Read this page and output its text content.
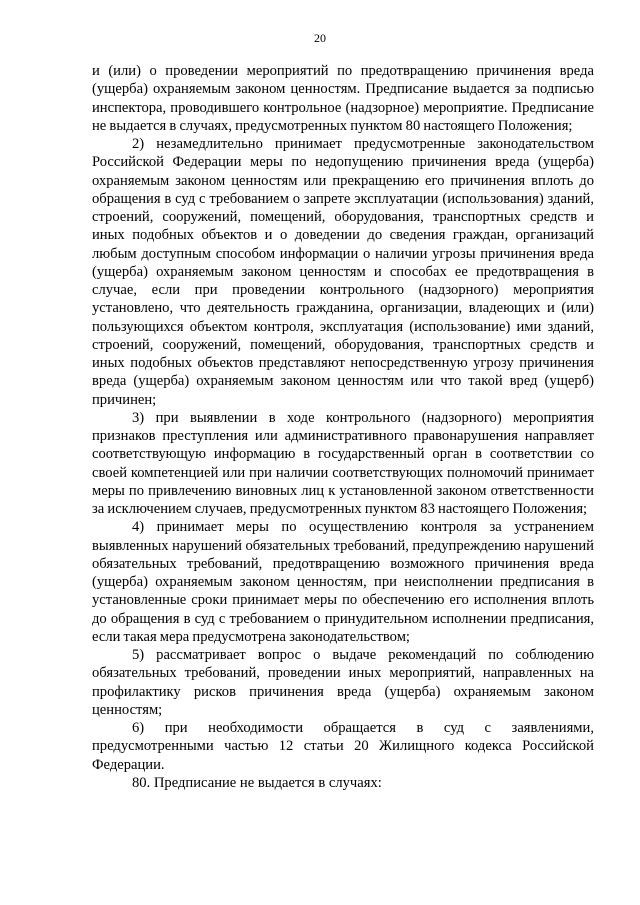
20

и (или) о проведении мероприятий по предотвращению причинения вреда (ущерба) охраняемым законом ценностям. Предписание выдается за подписью инспектора, проводившего контрольное (надзорное) мероприятие. Предписание не выдается в случаях, предусмотренных пунктом 80 настоящего Положения;

2) незамедлительно принимает предусмотренные законодательством Российской Федерации меры по недопущению причинения вреда (ущерба) охраняемым законом ценностям или прекращению его причинения вплоть до обращения в суд с требованием о запрете эксплуатации (использования) зданий, строений, сооружений, помещений, оборудования, транспортных средств и иных подобных объектов и о доведении до сведения граждан, организаций любым доступным способом информации о наличии угрозы причинения вреда (ущерба) охраняемым законом ценностям и способах ее предотвращения в случае, если при проведении контрольного (надзорного) мероприятия установлено, что деятельность гражданина, организации, владеющих и (или) пользующихся объектом контроля, эксплуатация (использование) ими зданий, строений, сооружений, помещений, оборудования, транспортных средств и иных подобных объектов представляют непосредственную угрозу причинения вреда (ущерба) охраняемым законом ценностям или что такой вред (ущерб) причинен;

3) при выявлении в ходе контрольного (надзорного) мероприятия признаков преступления или административного правонарушения направляет соответствующую информацию в государственный орган в соответствии со своей компетенцией или при наличии соответствующих полномочий принимает меры по привлечению виновных лиц к установленной законом ответственности за исключением случаев, предусмотренных пунктом 83 настоящего Положения;

4) принимает меры по осуществлению контроля за устранением выявленных нарушений обязательных требований, предупреждению нарушений обязательных требований, предотвращению возможного причинения вреда (ущерба) охраняемым законом ценностям, при неисполнении предписания в установленные сроки принимает меры по обеспечению его исполнения вплоть до обращения в суд с требованием о принудительном исполнении предписания, если такая мера предусмотрена законодательством;

5) рассматривает вопрос о выдаче рекомендаций по соблюдению обязательных требований, проведении иных мероприятий, направленных на профилактику рисков причинения вреда (ущерба) охраняемым законом ценностям;

6) при необходимости обращается в суд с заявлениями, предусмотренными частью 12 статьи 20 Жилищного кодекса Российской Федерации.

80. Предписание не выдается в случаях:
